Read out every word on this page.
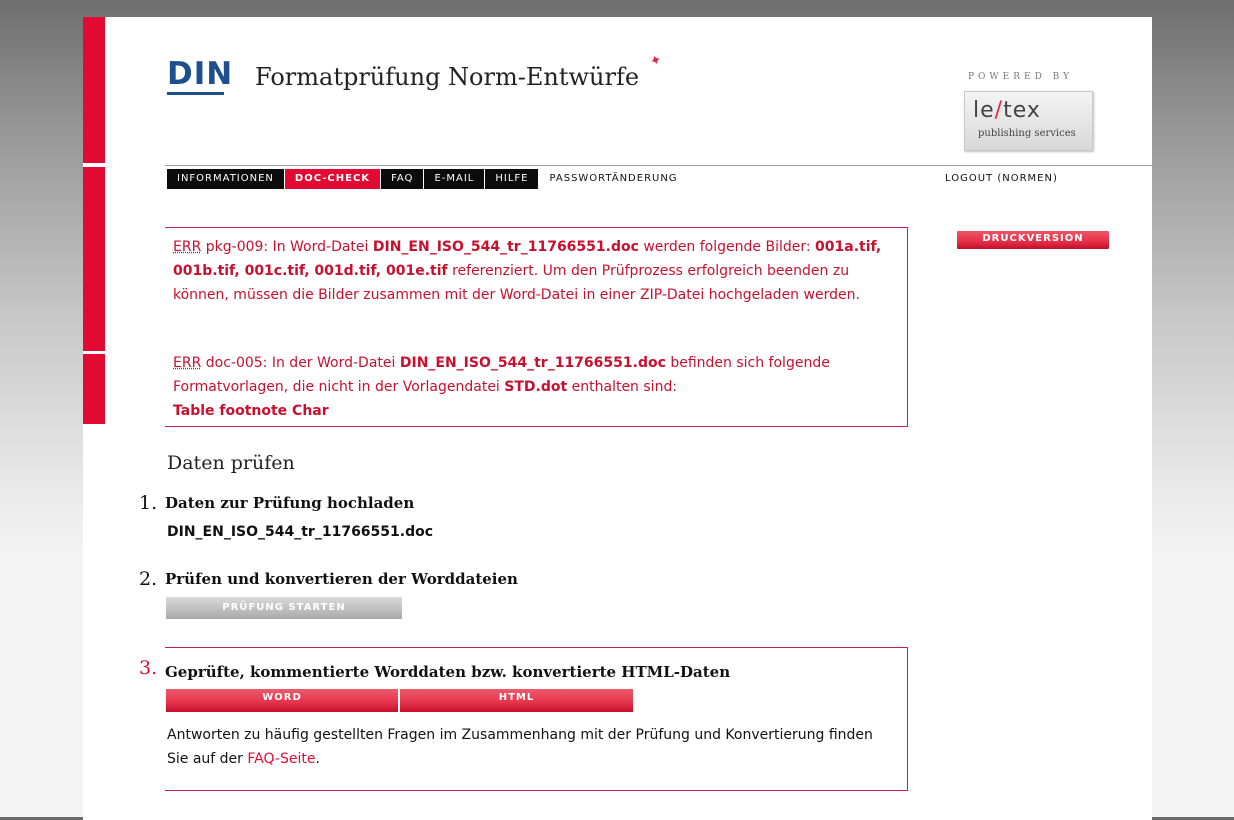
DIN Formatprüfung Norm-Entwürfe
✦
POWERED BY
le/tex
publishing services
INFORMATIONEN	DOC-CHECK	FAQ	E-MAIL	HILFE	PASSWORTÄNDERUNG	LOGOUT (NORMEN)
DRUCKVERSION
ERR pkg-009: In Word-Datei DIN_EN_ISO_544_tr_11766551.doc werden folgende Bilder: 001a.tif, 001b.tif, 001c.tif, 001d.tif, 001e.tif referenziert. Um den Prüfprozess erfolgreich beenden zu können, müssen die Bilder zusammen mit der Word-Datei in einer ZIP-Datei hochgeladen werden.
ERR doc-005: In der Word-Datei DIN_EN_ISO_544_tr_11766551.doc befinden sich folgende Formatvorlagen, die nicht in der Vorlagendatei STD.dot enthalten sind:
Table footnote Char
Daten prüfen
1. Daten zur Prüfung hochladen
DIN_EN_ISO_544_tr_11766551.doc
2. Prüfen und konvertieren der Worddateien
PRÜFUNG STARTEN
3. Geprüfte, kommentierte Worddaten bzw. konvertierte HTML-Daten
WORD	HTML
Antworten zu häufig gestellten Fragen im Zusammenhang mit der Prüfung und Konvertierung finden Sie auf der FAQ-Seite.
